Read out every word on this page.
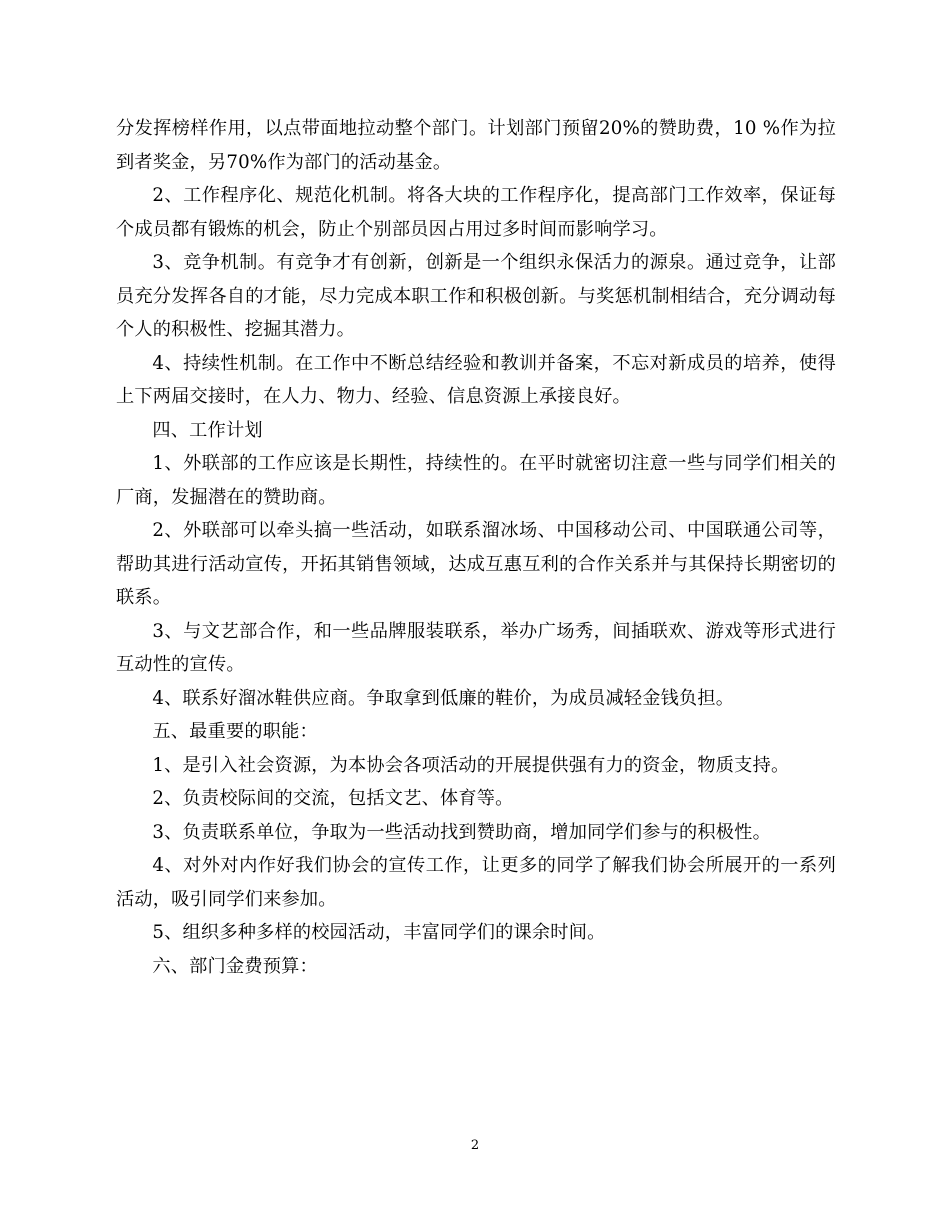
分发挥榜样作用，以点带面地拉动整个部门。计划部门预留20%的赞助费，10 %作为拉到者奖金，另70%作为部门的活动基金。

2、工作程序化、规范化机制。将各大块的工作程序化，提高部门工作效率，保证每个成员都有锻炼的机会，防止个别部员因占用过多时间而影响学习。

3、竞争机制。有竞争才有创新，创新是一个组织永保活力的源泉。通过竞争，让部员充分发挥各自的才能，尽力完成本职工作和积极创新。与奖惩机制相结合，充分调动每个人的积极性、挖掘其潜力。

4、持续性机制。在工作中不断总结经验和教训并备案，不忘对新成员的培养，使得上下两届交接时，在人力、物力、经验、信息资源上承接良好。

四、工作计划

1、外联部的工作应该是长期性，持续性的。在平时就密切注意一些与同学们相关的厂商，发掘潜在的赞助商。

2、外联部可以牵头搞一些活动，如联系溜冰场、中国移动公司、中国联通公司等，帮助其进行活动宣传，开拓其销售领域，达成互惠互利的合作关系并与其保持长期密切的联系。

3、与文艺部合作，和一些品牌服装联系，举办广场秀，间插联欢、游戏等形式进行互动性的宣传。

4、联系好溜冰鞋供应商。争取拿到低廉的鞋价，为成员减轻金钱负担。

五、最重要的职能：

1、是引入社会资源，为本协会各项活动的开展提供强有力的资金，物质支持。

2、负责校际间的交流，包括文艺、体育等。

3、负责联系单位，争取为一些活动找到赞助商，增加同学们参与的积极性。

4、对外对内作好我们协会的宣传工作，让更多的同学了解我们协会所展开的一系列活动，吸引同学们来参加。

5、组织多种多样的校园活动，丰富同学们的课余时间。

六、部门金费预算：

2
